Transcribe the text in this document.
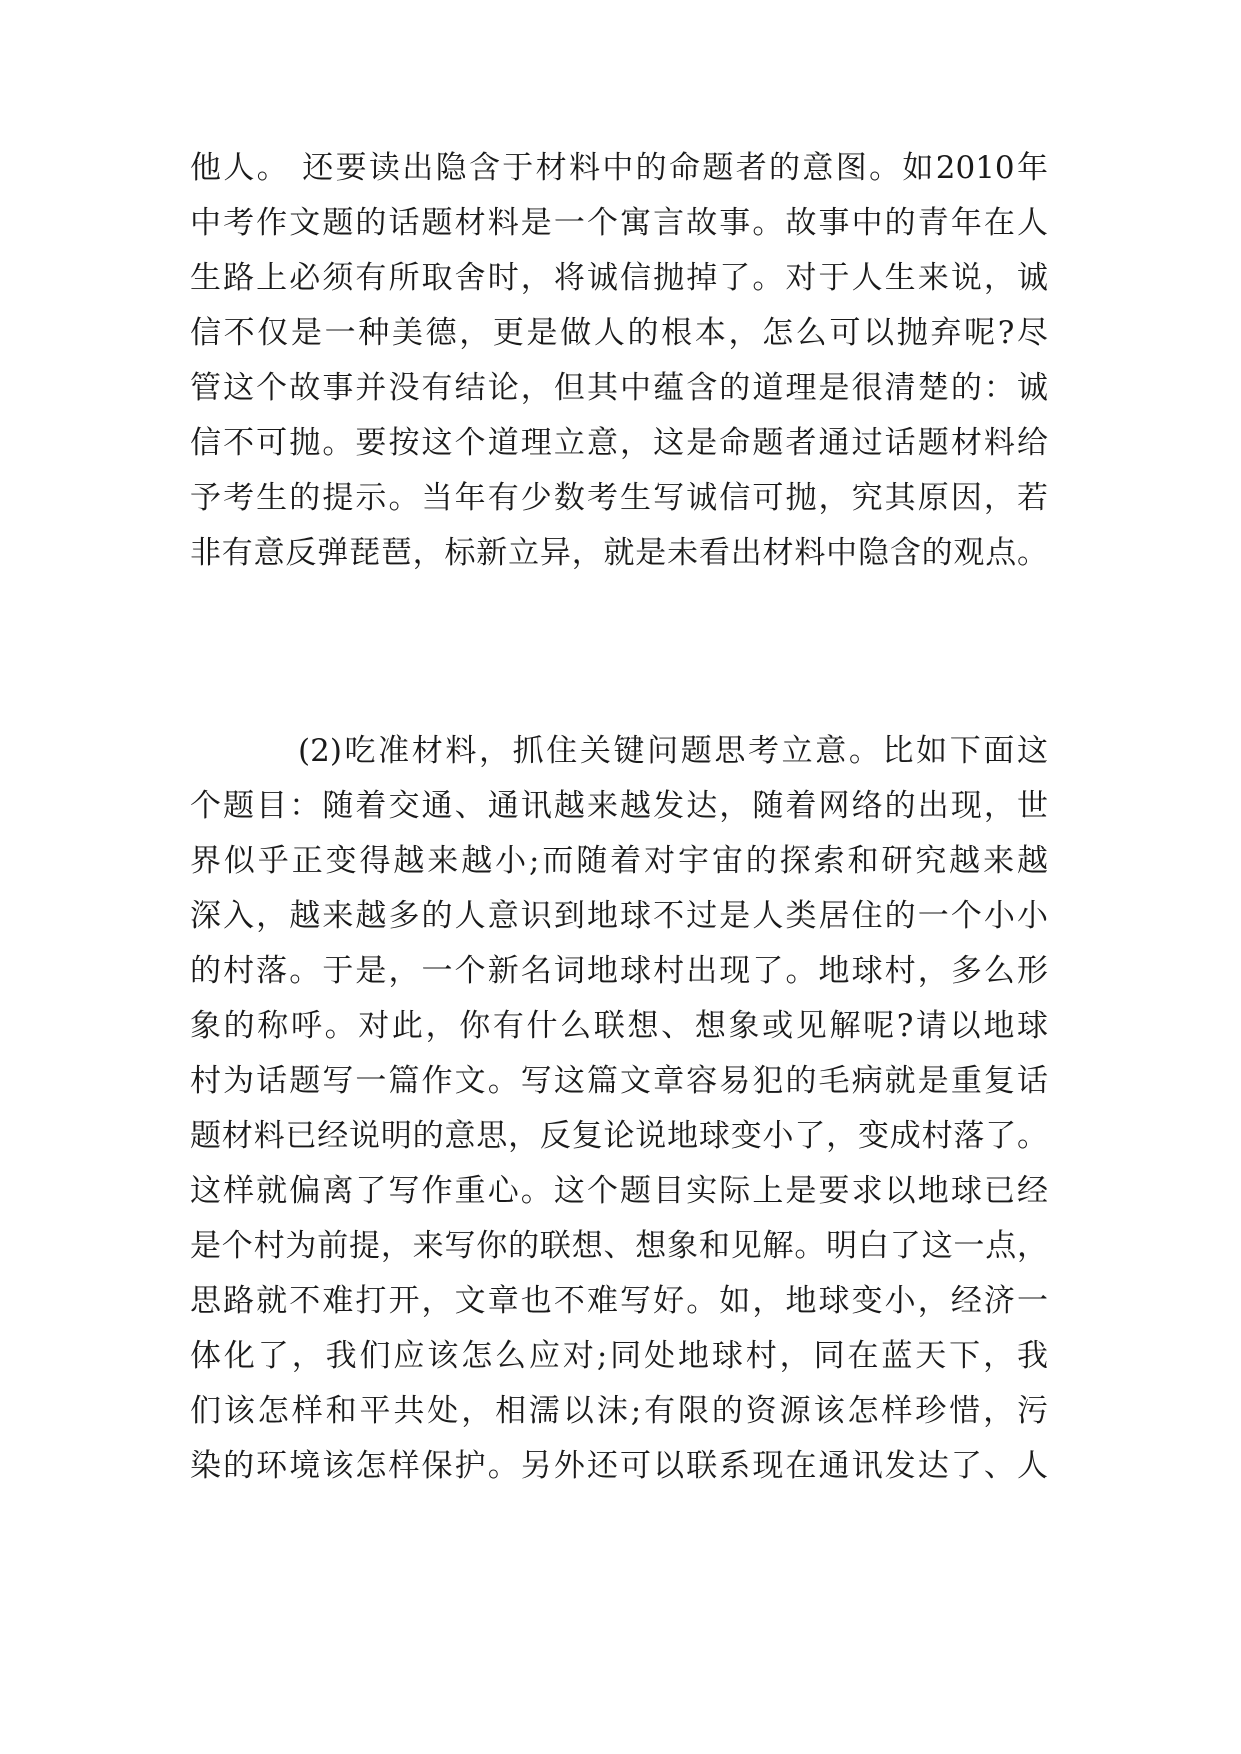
他人。 还要读出隐含于材料中的命题者的意图。如2010年

中考作文题的话题材料是一个寓言故事。故事中的青年在人

生路上必须有所取舍时，将诚信抛掉了。对于人生来说，诚

信不仅是一种美德，更是做人的根本，怎么可以抛弃呢?尽

管这个故事并没有结论，但其中蕴含的道理是很清楚的：诚

信不可抛。要按这个道理立意，这是命题者通过话题材料给

予考生的提示。当年有少数考生写诚信可抛，究其原因，若

非有意反弹琵琶，标新立异，就是未看出材料中隐含的观点。

(2)吃准材料，抓住关键问题思考立意。比如下面这

个题目：随着交通、通讯越来越发达，随着网络的出现，世

界似乎正变得越来越小;而随着对宇宙的探索和研究越来越

深入，越来越多的人意识到地球不过是人类居住的一个小小

的村落。于是，一个新名词地球村出现了。地球村，多么形

象的称呼。对此，你有什么联想、想象或见解呢?请以地球

村为话题写一篇作文。写这篇文章容易犯的毛病就是重复话

题材料已经说明的意思，反复论说地球变小了，变成村落了。

这样就偏离了写作重心。这个题目实际上是要求以地球已经

是个村为前提，来写你的联想、想象和见解。明白了这一点，

思路就不难打开，文章也不难写好。如，地球变小，经济一

体化了，我们应该怎么应对;同处地球村，同在蓝天下，我

们该怎样和平共处，相濡以沫;有限的资源该怎样珍惜，污

染的环境该怎样保护。另外还可以联系现在通讯发达了、人
